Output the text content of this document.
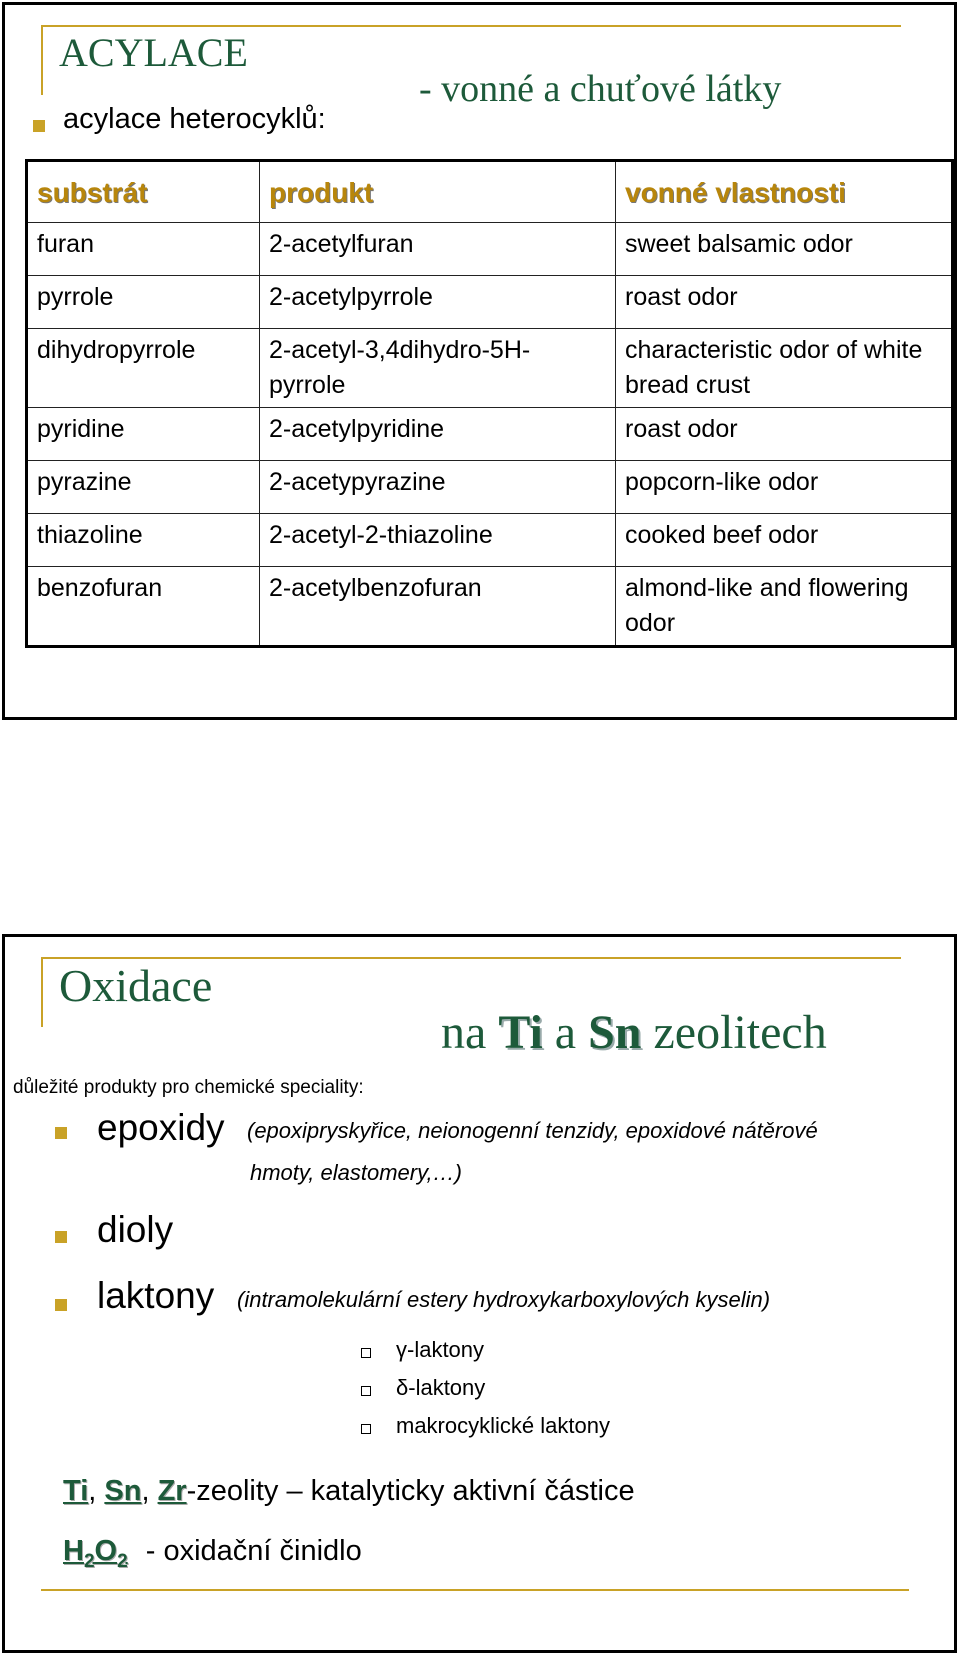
ACYLACE
- vonné a chuťové látky
acylace heterocyklů:
substrát	produkt	vonné vlastnosti
furan	2-acetylfuran	sweet balsamic odor
pyrrole	2-acetylpyrrole	roast odor
dihydropyrrole	2-acetyl-3,4dihydro-5H-pyrrole	characteristic odor of white bread crust
pyridine	2-acetylpyridine	roast odor
pyrazine	2-acetypyrazine	popcorn-like odor
thiazoline	2-acetyl-2-thiazoline	cooked beef odor
benzofuran	2-acetylbenzofuran	almond-like and flowering odor
Oxidace
na Ti a Sn zeolitech
důležité produkty pro chemické speciality:
epoxidy (epoxipryskyřice, neionogenní tenzidy, epoxidové nátěrové
hmoty, elastomery,…)
dioly
laktony (intramolekulární estery hydroxykarboxylových kyselin)
γ-laktony
δ-laktony
makrocyklické laktony
Ti, Sn, Zr-zeolity – katalyticky aktivní částice
$H_2O_2$ - oxidační činidlo
